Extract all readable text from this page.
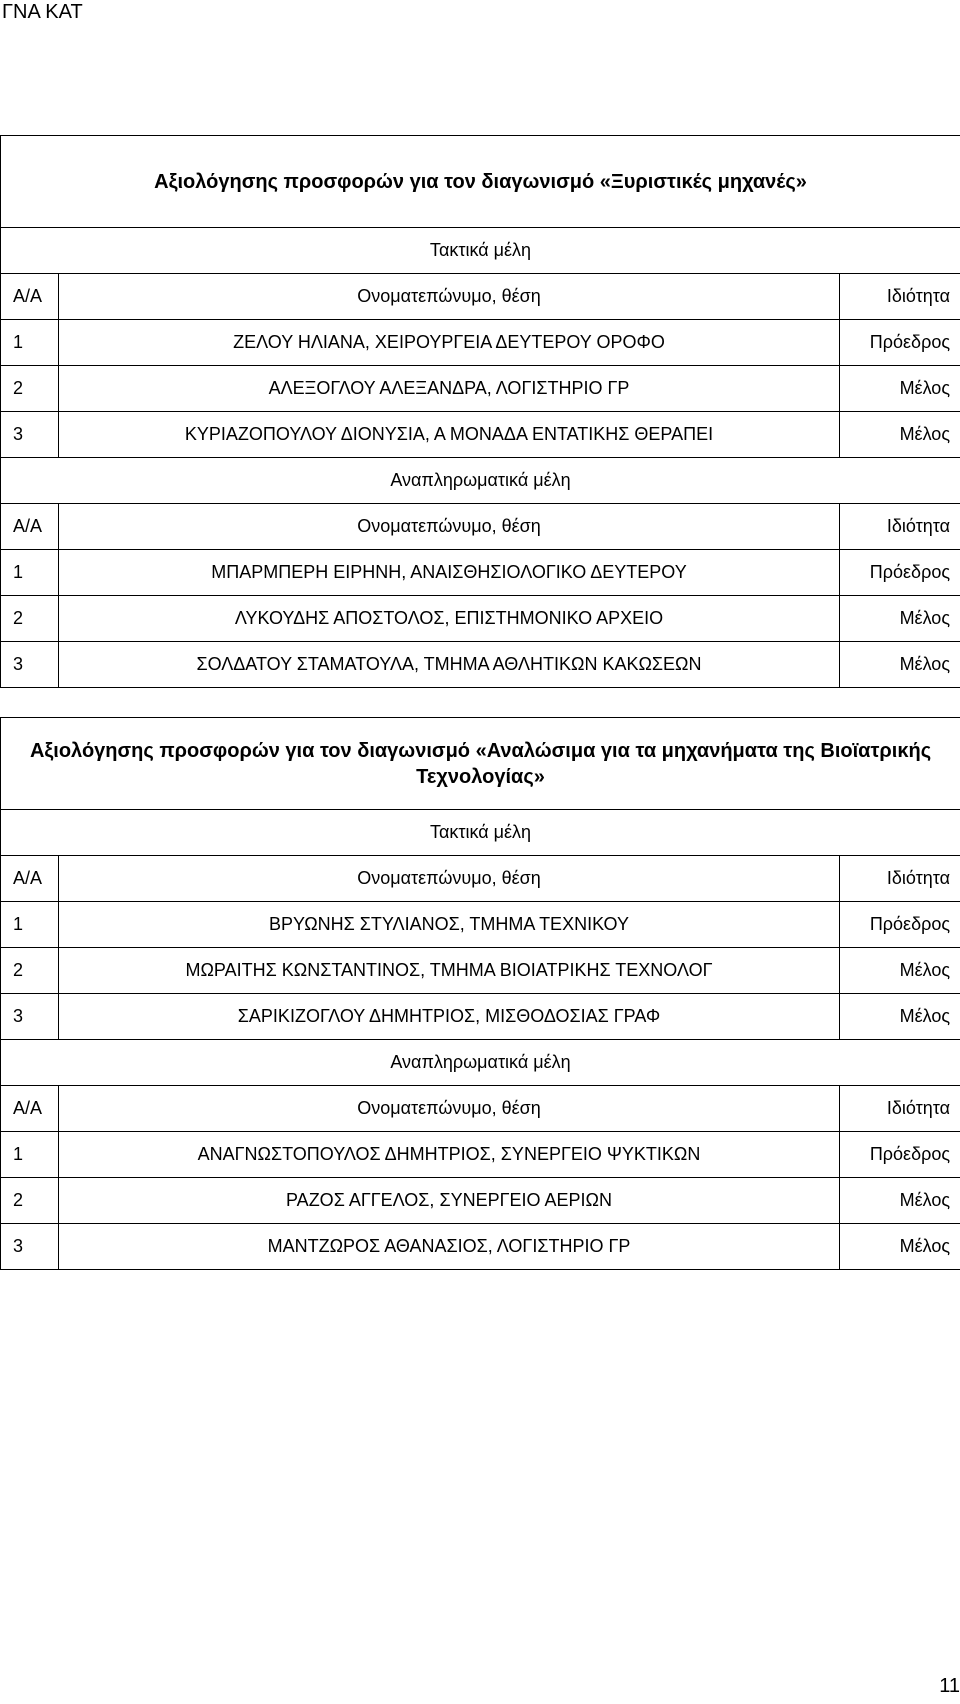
ΓΝΑ ΚΑΤ
Αξιολόγησης προσφορών για τον διαγωνισμό «Ξυριστικές μηχανές»		
Τακτικά μέλη		
Α/Α	Ονοματεπώνυμο, θέση	Ιδιότητα
1	ΖΕΛΟΥ ΗΛΙΑΝΑ, ΧΕΙΡΟΥΡΓΕΙΑ ΔΕΥΤΕΡΟΥ ΟΡΟΦΟ	Πρόεδρος
2	ΑΛΕΞΟΓΛΟΥ ΑΛΕΞΑΝΔΡΑ, ΛΟΓΙΣΤΗΡΙΟ ΓΡ	Μέλος
3	ΚΥΡΙΑΖΟΠΟΥΛΟΥ ΔΙΟΝΥΣΙΑ, Α ΜΟΝΑΔΑ ΕΝΤΑΤΙΚΗΣ ΘΕΡΑΠΕΙ	Μέλος
Αναπληρωματικά μέλη		
Α/Α	Ονοματεπώνυμο, θέση	Ιδιότητα
1	ΜΠΑΡΜΠΕΡΗ ΕΙΡΗΝΗ, ΑΝΑΙΣΘΗΣΙΟΛΟΓΙΚΟ ΔΕΥΤΕΡΟΥ	Πρόεδρος
2	ΛΥΚΟΥΔΗΣ ΑΠΟΣΤΟΛΟΣ, ΕΠΙΣΤΗΜΟΝΙΚΟ ΑΡΧΕΙΟ	Μέλος
3	ΣΟΛΔΑΤΟΥ ΣΤΑΜΑΤΟΥΛΑ, ΤΜΗΜΑ ΑΘΛΗΤΙΚΩΝ ΚΑΚΩΣΕΩΝ	Μέλος
Αξιολόγησης προσφορών για τον διαγωνισμό «Αναλώσιμα για τα μηχανήματα της Βιοϊατρικής Τεχνολογίας»		
Τακτικά μέλη		
Α/Α	Ονοματεπώνυμο, θέση	Ιδιότητα
1	ΒΡΥΩΝΗΣ ΣΤΥΛΙΑΝΟΣ, ΤΜΗΜΑ ΤΕΧΝΙΚΟΥ	Πρόεδρος
2	ΜΩΡΑΙΤΗΣ ΚΩΝΣΤΑΝΤΙΝΟΣ, ΤΜΗΜΑ ΒΙΟΙΑΤΡΙΚΗΣ ΤΕΧΝΟΛΟΓ	Μέλος
3	ΣΑΡΙΚΙΖΟΓΛΟΥ ΔΗΜΗΤΡΙΟΣ, ΜΙΣΘΟΔΟΣΙΑΣ ΓΡΑΦ	Μέλος
Αναπληρωματικά μέλη		
Α/Α	Ονοματεπώνυμο, θέση	Ιδιότητα
1	ΑΝΑΓΝΩΣΤΟΠΟΥΛΟΣ ΔΗΜΗΤΡΙΟΣ, ΣΥΝΕΡΓΕΙΟ ΨΥΚΤΙΚΩΝ	Πρόεδρος
2	ΡΑΖΟΣ ΑΓΓΕΛΟΣ, ΣΥΝΕΡΓΕΙΟ ΑΕΡΙΩΝ	Μέλος
3	ΜΑΝΤΖΩΡΟΣ ΑΘΑΝΑΣΙΟΣ, ΛΟΓΙΣΤΗΡΙΟ ΓΡ	Μέλος
11
